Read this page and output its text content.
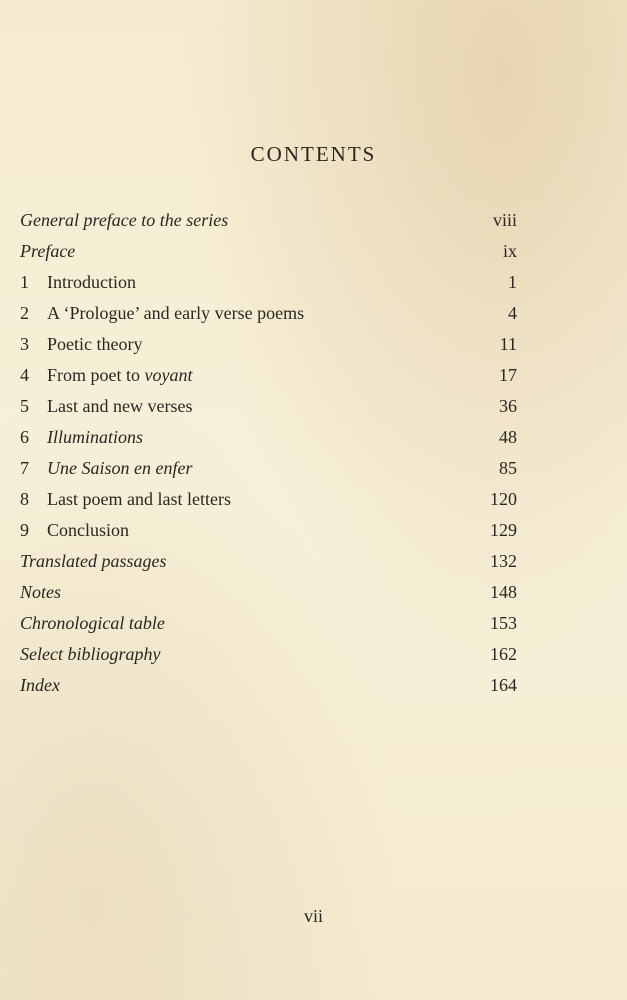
CONTENTS
General preface to the series	viii
Preface	ix
1 Introduction	1
2 A ‘Prologue’ and early verse poems	4
3 Poetic theory	11
4 From poet to voyant	17
5 Last and new verses	36
6 Illuminations	48
7 Une Saison en enfer	85
8 Last poem and last letters	120
9 Conclusion	129
Translated passages	132
Notes	148
Chronological table	153
Select bibliography	162
Index	164
vii
